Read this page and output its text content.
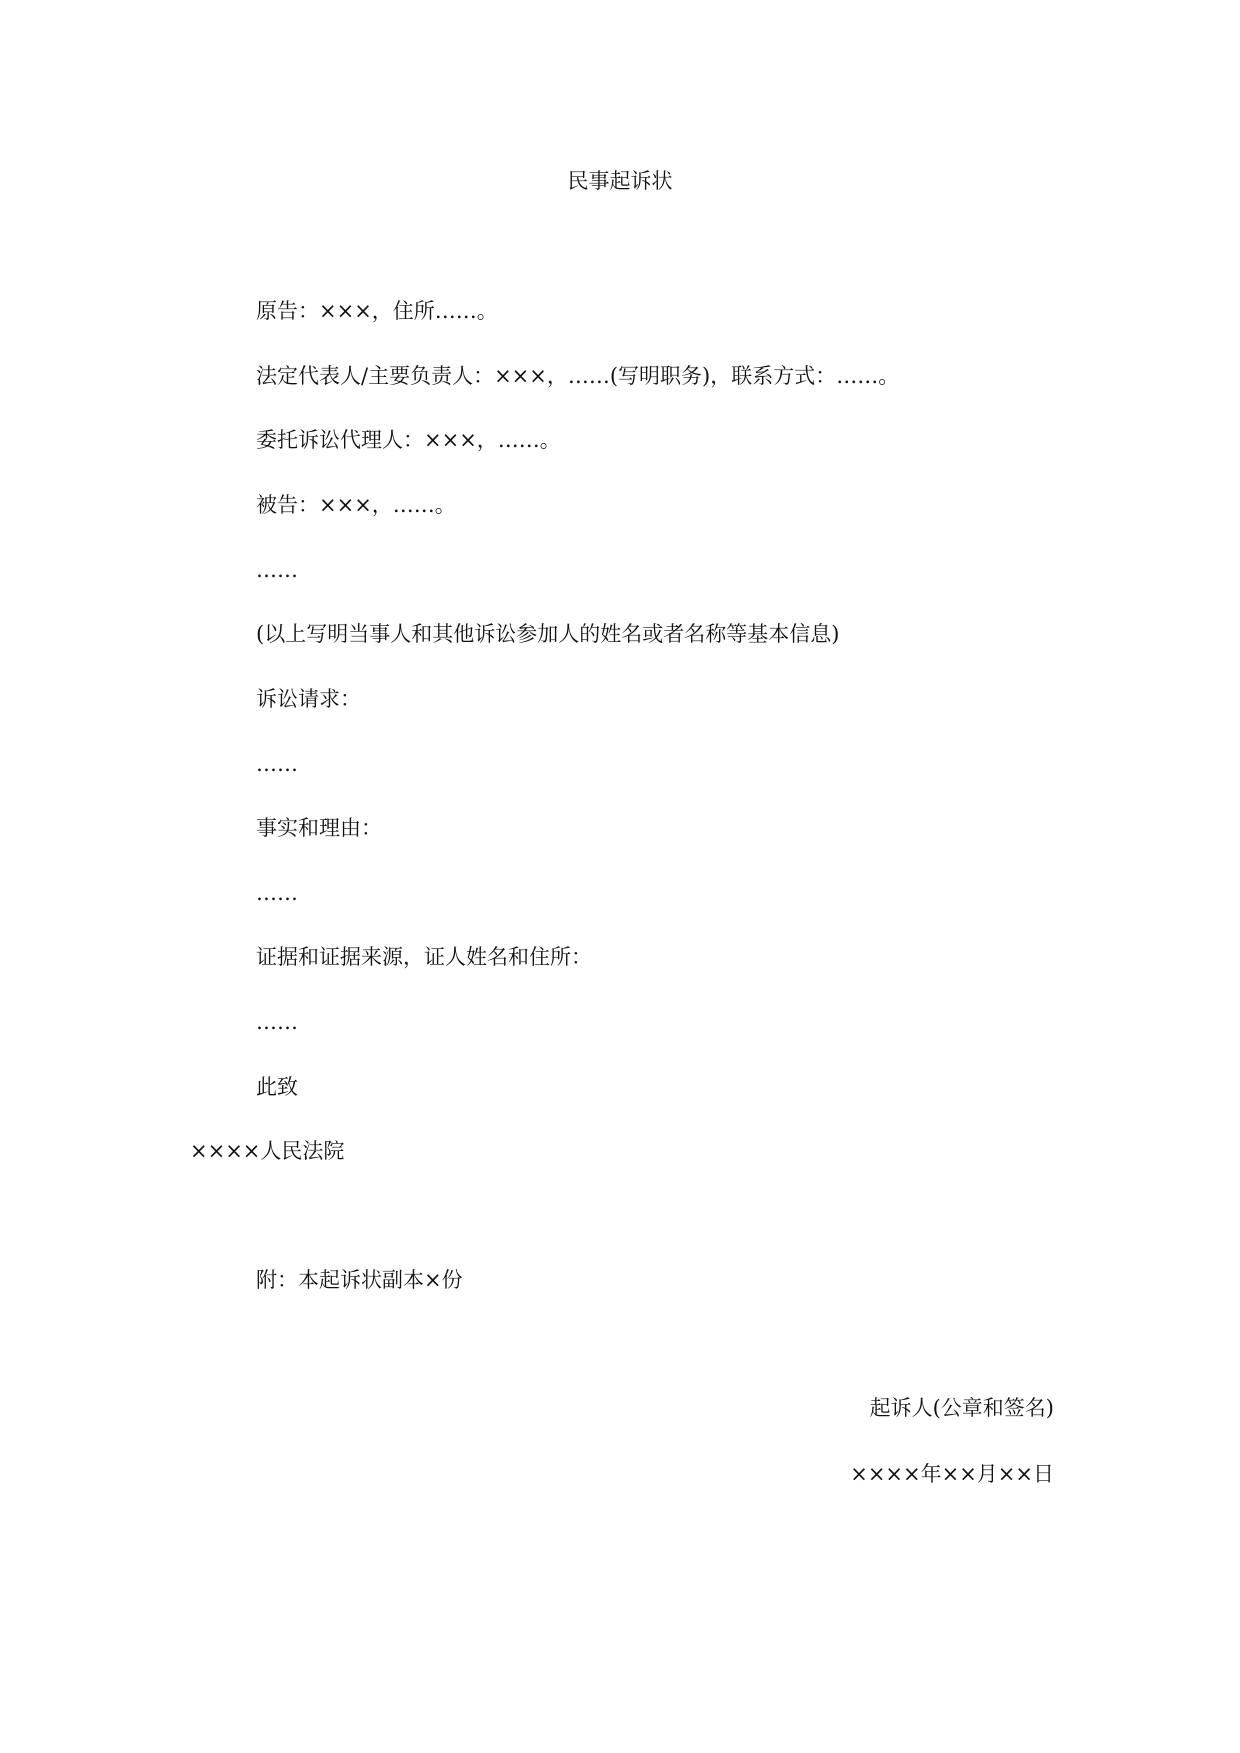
民事起诉状
原告：×××，住所……。
法定代表人/主要负责人：×××，……(写明职务)，联系方式：……。
委托诉讼代理人：×××，……。
被告：×××，……。
……
(以上写明当事人和其他诉讼参加人的姓名或者名称等基本信息)
诉讼请求：
……
事实和理由：
……
证据和证据来源，证人姓名和住所：
……
此致
××××人民法院
附：本起诉状副本×份
起诉人(公章和签名)
××××年××月××日
